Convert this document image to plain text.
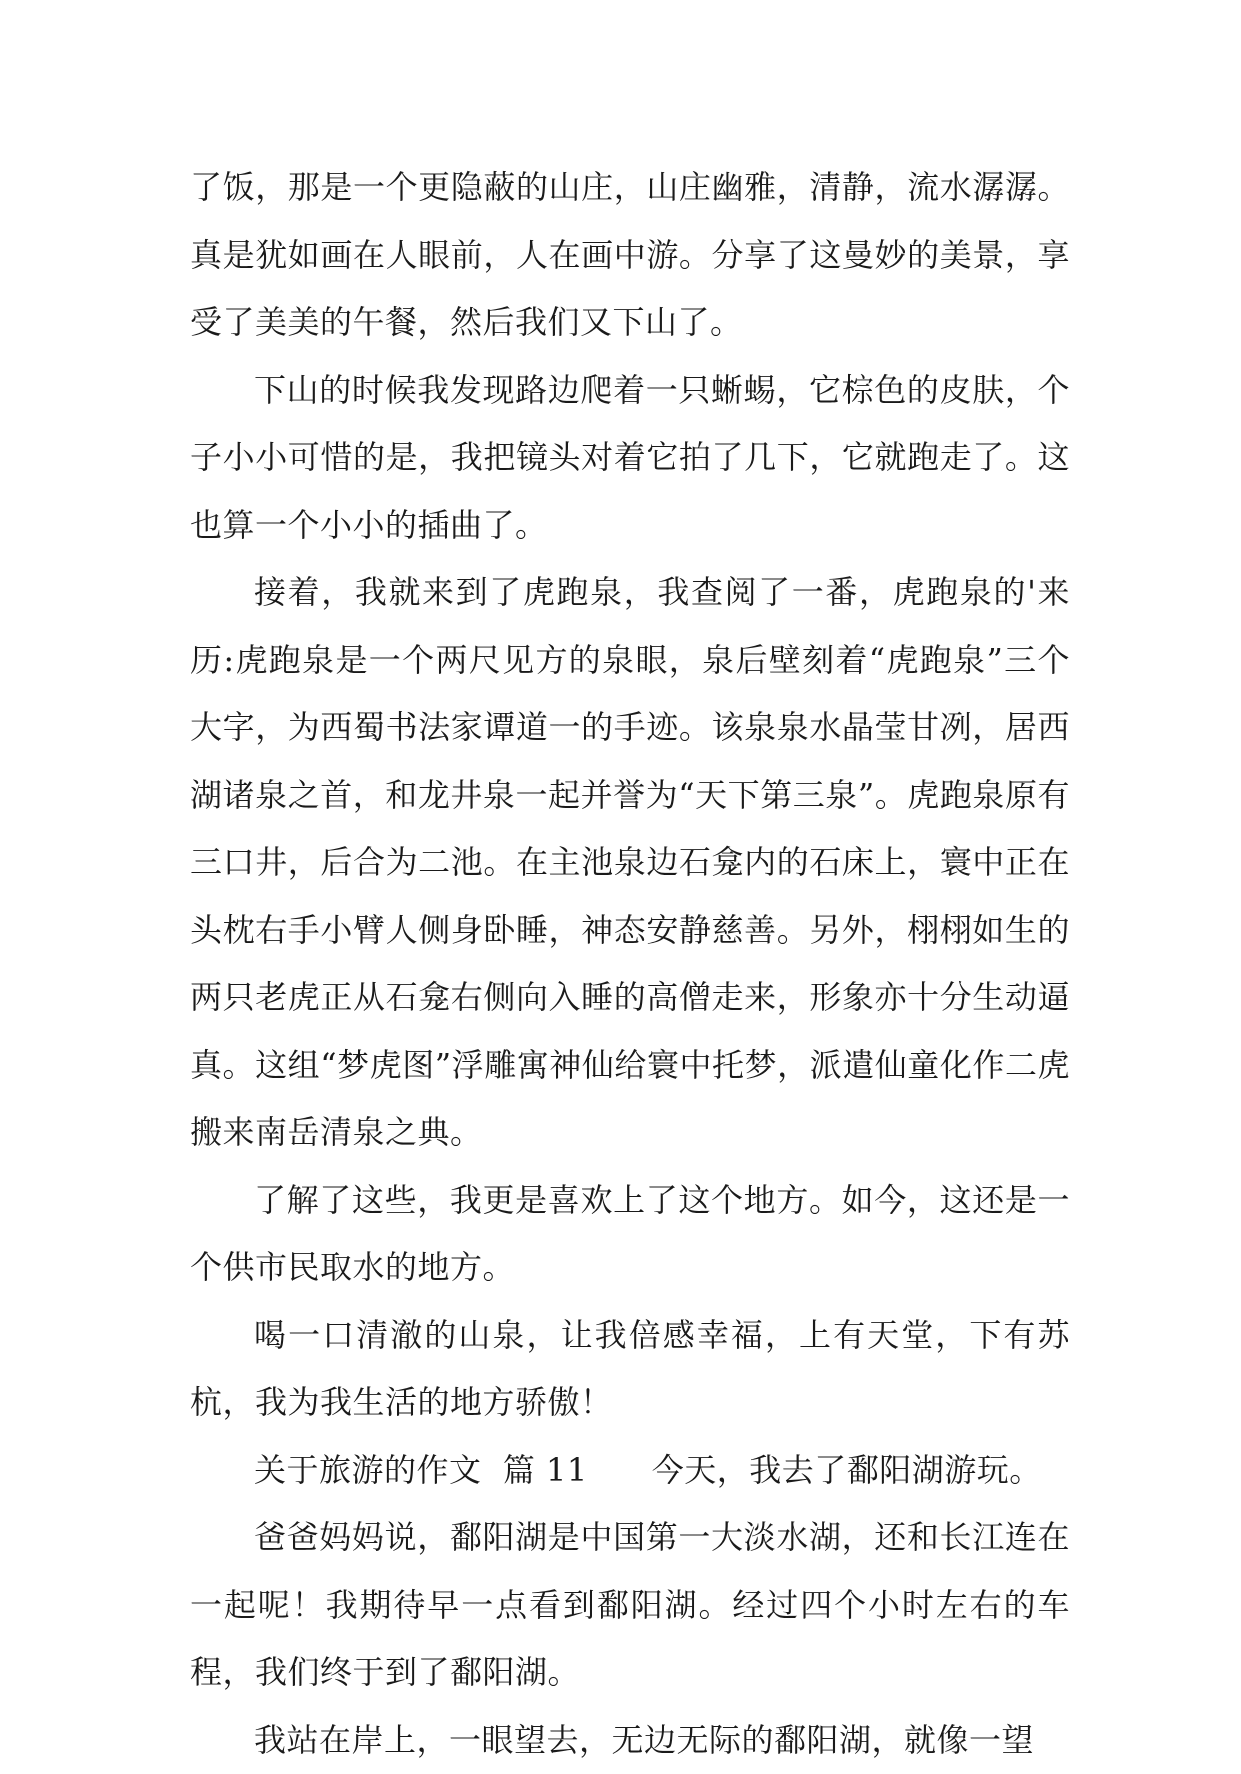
了饭，那是一个更隐蔽的山庄，山庄幽雅，清静，流水潺潺。真是犹如画在人眼前，人在画中游。分享了这曼妙的美景，享受了美美的午餐，然后我们又下山了。

下山的时候我发现路边爬着一只蜥蜴，它棕色的皮肤，个子小小可惜的是，我把镜头对着它拍了几下，它就跑走了。这也算一个小小的插曲了。

接着，我就来到了虎跑泉，我查阅了一番，虎跑泉的'来历:虎跑泉是一个两尺见方的泉眼，泉后壁刻着“虎跑泉”三个大字，为西蜀书法家谭道一的手迹。该泉泉水晶莹甘冽，居西湖诸泉之首，和龙井泉一起并誉为“天下第三泉”。虎跑泉原有三口井，后合为二池。在主池泉边石龛内的石床上，寰中正在头枕右手小臂人侧身卧睡，神态安静慈善。另外，栩栩如生的两只老虎正从石龛右侧向入睡的高僧走来，形象亦十分生动逼真。这组“梦虎图”浮雕寓神仙给寰中托梦，派遣仙童化作二虎搬来南岳清泉之典。

了解了这些，我更是喜欢上了这个地方。如今，这还是一个供市民取水的地方。

喝一口清澈的山泉，让我倍感幸福，上有天堂，下有苏杭，我为我生活的地方骄傲！

关于旅游的作文  篇 11      今天，我去了鄱阳湖游玩。

爸爸妈妈说，鄱阳湖是中国第一大淡水湖，还和长江连在一起呢！我期待早一点看到鄱阳湖。经过四个小时左右的车程，我们终于到了鄱阳湖。

我站在岸上，一眼望去，无边无际的鄱阳湖，就像一望
